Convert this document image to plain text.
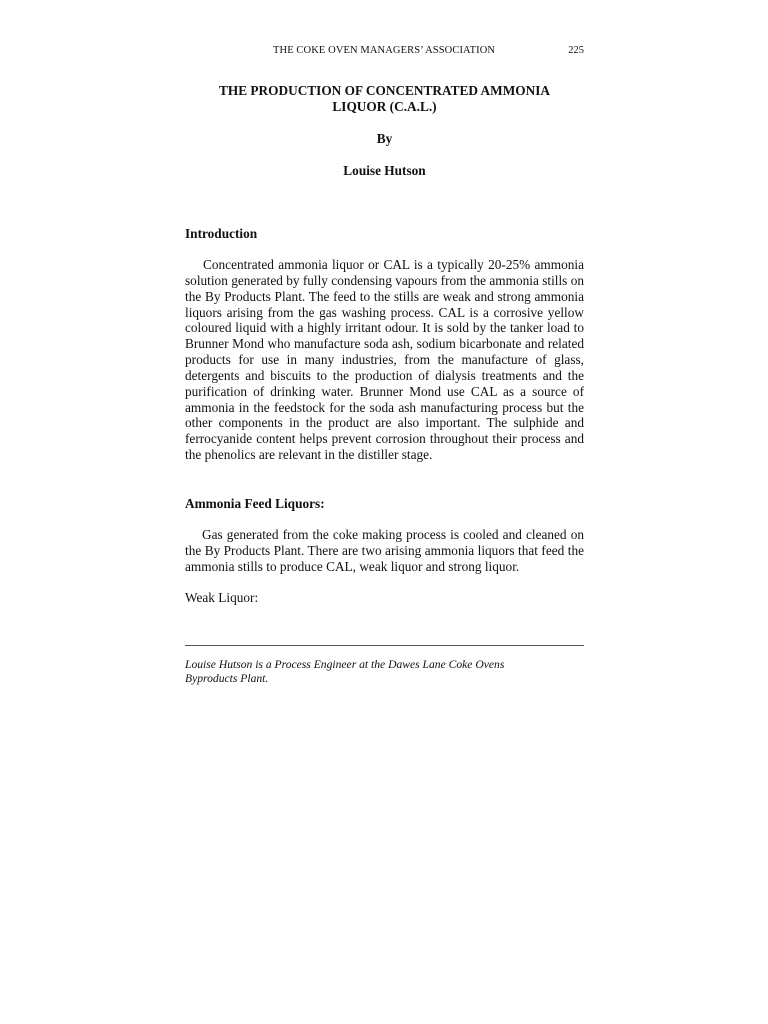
THE COKE OVEN MANAGERS’ ASSOCIATION	225
THE PRODUCTION OF CONCENTRATED AMMONIA
LIQUOR (C.A.L.)
By
Louise Hutson
Introduction
Concentrated ammonia liquor or CAL is a typically 20-25% ammonia solution generated by fully condensing vapours from the ammonia stills on the By Products Plant. The feed to the stills are weak and strong ammonia liquors arising from the gas washing process. CAL is a corrosive yellow coloured liquid with a highly irritant odour. It is sold by the tanker load to Brunner Mond who manufacture soda ash, sodium bicarbonate and related products for use in many industries, from the manufacture of glass, detergents and biscuits to the production of dialysis treatments and the purification of drinking water. Brunner Mond use CAL as a source of ammonia in the feedstock for the soda ash manufacturing process but the other components in the product are also important. The sulphide and ferrocyanide content helps prevent corrosion throughout their process and the phenolics are relevant in the distiller stage.
Ammonia Feed Liquors:
Gas generated from the coke making process is cooled and cleaned on the By Products Plant. There are two arising ammonia liquors that feed the ammonia stills to produce CAL, weak liquor and strong liquor.
Weak Liquor:
Louise Hutson is a Process Engineer at the Dawes Lane Coke Ovens
Byproducts Plant.
